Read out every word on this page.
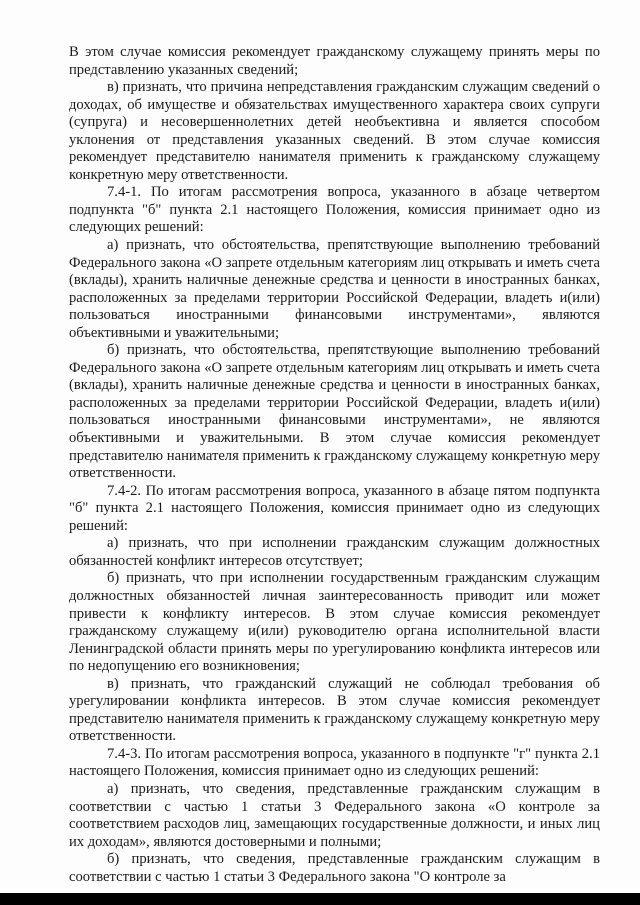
В этом случае комиссия рекомендует гражданскому служащему принять меры по представлению указанных сведений;

в) признать, что причина непредставления гражданским служащим сведений о доходах, об имуществе и обязательствах имущественного характера своих супруги (супруга) и несовершеннолетних детей необъективна и является способом уклонения от представления указанных сведений. В этом случае комиссия рекомендует представителю нанимателя применить к гражданскому служащему конкретную меру ответственности.

7.4-1. По итогам рассмотрения вопроса, указанного в абзаце четвертом подпункта "б" пункта 2.1 настоящего Положения, комиссия принимает одно из следующих решений:

а) признать, что обстоятельства, препятствующие выполнению требований Федерального закона «О запрете отдельным категориям лиц открывать и иметь счета (вклады), хранить наличные денежные средства и ценности в иностранных банках, расположенных за пределами территории Российской Федерации, владеть и(или) пользоваться иностранными финансовыми инструментами», являются объективными и уважительными;

б) признать, что обстоятельства, препятствующие выполнению требований Федерального закона «О запрете отдельным категориям лиц открывать и иметь счета (вклады), хранить наличные денежные средства и ценности в иностранных банках, расположенных за пределами территории Российской Федерации, владеть и(или) пользоваться иностранными финансовыми инструментами», не являются объективными и уважительными. В этом случае комиссия рекомендует представителю нанимателя применить к гражданскому служащему конкретную меру ответственности.

7.4-2. По итогам рассмотрения вопроса, указанного в абзаце пятом подпункта "б" пункта 2.1 настоящего Положения, комиссия принимает одно из следующих решений:

а) признать, что при исполнении гражданским служащим должностных обязанностей конфликт интересов отсутствует;

б) признать, что при исполнении государственным гражданским служащим должностных обязанностей личная заинтересованность приводит или может привести к конфликту интересов. В этом случае комиссия рекомендует гражданскому служащему и(или) руководителю органа исполнительной власти Ленинградской области принять меры по урегулированию конфликта интересов или по недопущению его возникновения;

в) признать, что гражданский служащий не соблюдал требования об урегулировании конфликта интересов. В этом случае комиссия рекомендует представителю нанимателя применить к гражданскому служащему конкретную меру ответственности.

7.4-3. По итогам рассмотрения вопроса, указанного в подпункте "г" пункта 2.1 настоящего Положения, комиссия принимает одно из следующих решений:

а) признать, что сведения, представленные гражданским служащим в соответствии с частью 1 статьи 3 Федерального закона «О контроле за соответствием расходов лиц, замещающих государственные должности, и иных лиц их доходам», являются достоверными и полными;

б) признать, что сведения, представленные гражданским служащим в соответствии с частью 1 статьи 3 Федерального закона "О контроле за
